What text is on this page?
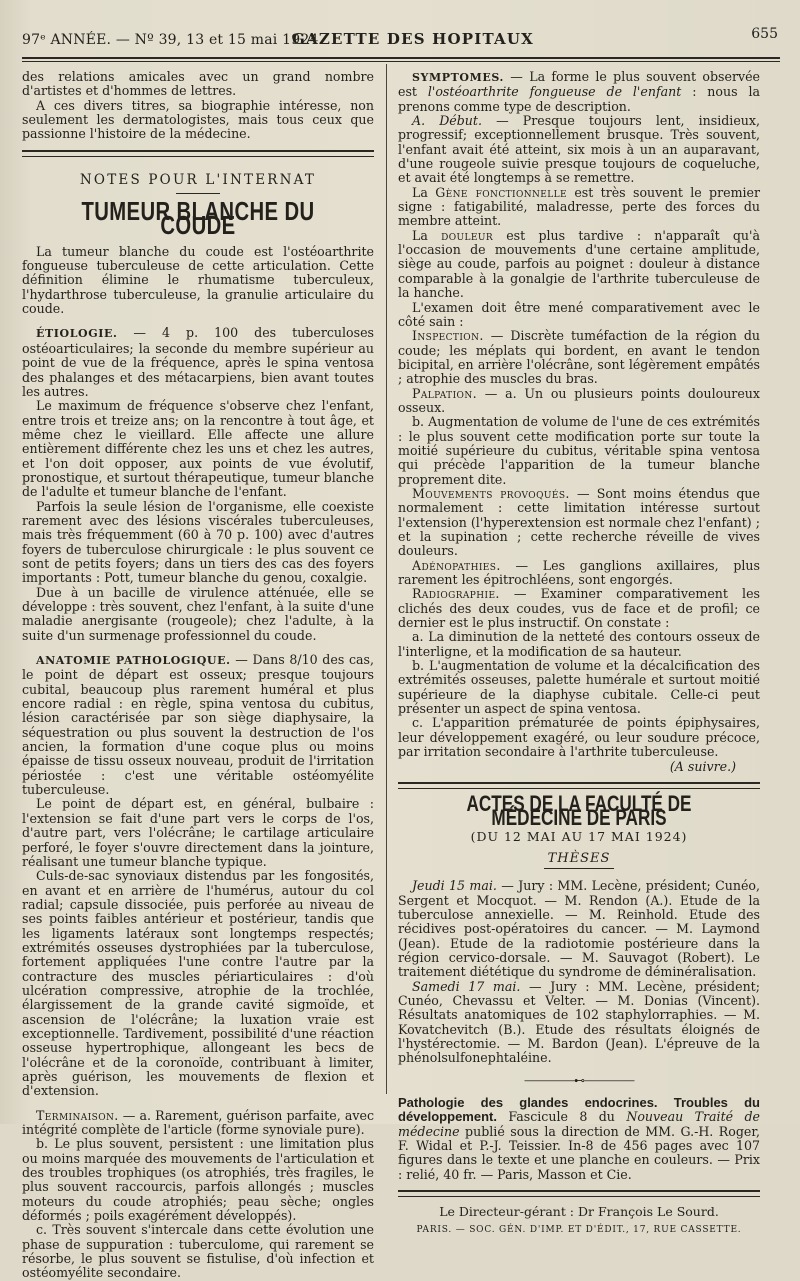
97ᵉ ANNÉE. — Nº 39, 13 et 15 mai 1924.
GAZETTE DES HOPITAUX	655

des relations amicales avec un grand nombre d'artistes et d'hommes de lettres.

A ces divers titres, sa biographie intéresse, non seulement les dermatologistes, mais tous ceux que passionne l'histoire de la médecine.

NOTES POUR L'INTERNAT
TUMEUR BLANCHE DU COUDE

La tumeur blanche du coude est l'ostéoarthrite fongueuse tuberculeuse de cette articulation. Cette définition élimine le rhumatisme tuberculeux, l'hydarthrose tuberculeuse, la granulie articulaire du coude.

ÉTIOLOGIE. — 4 p. 100 des tuberculoses ostéoarticulaires; la seconde du membre supérieur au point de vue de la fréquence, après le spina ventosa des phalanges et des métacarpiens, bien avant toutes les autres.

Le maximum de fréquence s'observe chez l'enfant, entre trois et treize ans; on la rencontre à tout âge, et même chez le vieillard. Elle affecte une allure entièrement différente chez les uns et chez les autres, et l'on doit opposer, aux points de vue évolutif, pronostique, et surtout thérapeutique, tumeur blanche de l'adulte et tumeur blanche de l'enfant.

Parfois la seule lésion de l'organisme, elle coexiste rarement avec des lésions viscérales tuberculeuses, mais très fréquemment (60 à 70 p. 100) avec d'autres foyers de tuberculose chirurgicale : le plus souvent ce sont de petits foyers; dans un tiers des cas des foyers importants : Pott, tumeur blanche du genou, coxalgie.

Due à un bacille de virulence atténuée, elle se développe : très souvent, chez l'enfant, à la suite d'une maladie anergisante (rougeole); chez l'adulte, à la suite d'un surmenage professionnel du coude.

ANATOMIE PATHOLOGIQUE. — Dans 8/10 des cas, le point de départ est osseux; presque toujours cubital, beaucoup plus rarement huméral et plus encore radial : en règle, spina ventosa du cubitus, lésion caractérisée par son siège diaphysaire, la séquestration ou plus souvent la destruction de l'os ancien, la formation d'une coque plus ou moins épaisse de tissu osseux nouveau, produit de l'irritation périostée : c'est une véritable ostéomyélite tuberculeuse.

Le point de départ est, en général, bulbaire : l'extension se fait d'une part vers le corps de l'os, d'autre part, vers l'olécrâne; le cartilage articulaire perforé, le foyer s'ouvre directement dans la jointure, réalisant une tumeur blanche typique.

Culs-de-sac synoviaux distendus par les fongosités, en avant et en arrière de l'humérus, autour du col radial; capsule dissociée, puis perforée au niveau de ses points faibles antérieur et postérieur, tandis que les ligaments latéraux sont longtemps respectés; extrémités osseuses dystrophiées par la tuberculose, fortement appliquées l'une contre l'autre par la contracture des muscles périarticulaires : d'où ulcération compressive, atrophie de la trochlée, élargissement de la grande cavité sigmoïde, et ascension de l'olécrâne; la luxation vraie est exceptionnelle. Tardivement, possibilité d'une réaction osseuse hypertrophique, allongeant les becs de l'olécrâne et de la coronoïde, contribuant à limiter, après guérison, les mouvements de flexion et d'extension.

Terminaison. — a. Rarement, guérison parfaite, avec intégrité complète de l'article (forme synoviale pure).

b. Le plus souvent, persistent : une limitation plus ou moins marquée des mouvements de l'articulation et des troubles trophiques (os atrophiés, très fragiles, le plus souvent raccourcis, parfois allongés ; muscles moteurs du coude atrophiés; peau sèche; ongles déformés ; poils exagérément développés).

c. Très souvent s'intercale dans cette évolution une phase de suppuration : tuberculome, qui rarement se résorbe, le plus souvent se fistulise, d'où infection et ostéomyélite secondaire.

SYMPTOMES. — La forme le plus souvent observée est l'ostéoarthrite fongueuse de l'enfant : nous la prenons comme type de description.

A. Début. — Presque toujours lent, insidieux, progressif; exceptionnellement brusque. Très souvent, l'enfant avait été atteint, six mois à un an auparavant, d'une rougeole suivie presque toujours de coqueluche, et avait été longtemps à se remettre.

La Gène fonctionnelle est très souvent le premier signe : fatigabilité, maladresse, perte des forces du membre atteint.

La douleur est plus tardive : n'apparaît qu'à l'occasion de mouvements d'une certaine amplitude, siège au coude, parfois au poignet : douleur à distance comparable à la gonalgie de l'arthrite tuberculeuse de la hanche.

L'examen doit être mené comparativement avec le côté sain :

Inspection. — Discrète tuméfaction de la région du coude; les méplats qui bordent, en avant le tendon bicipital, en arrière l'olécrâne, sont légèrement empâtés ; atrophie des muscles du bras.

Palpation. — a. Un ou plusieurs points douloureux osseux.

b. Augmentation de volume de l'une de ces extrémités : le plus souvent cette modification porte sur toute la moitié supérieure du cubitus, véritable spina ventosa qui précède l'apparition de la tumeur blanche proprement dite.

Mouvements provoqués. — Sont moins étendus que normalement : cette limitation intéresse surtout l'extension (l'hyperextension est normale chez l'enfant) ; et la supination ; cette recherche réveille de vives douleurs.

Adénopathies. — Les ganglions axillaires, plus rarement les épitrochléens, sont engorgés.

Radiographie. — Examiner comparativement les clichés des deux coudes, vus de face et de profil; ce dernier est le plus instructif. On constate :

a. La diminution de la netteté des contours osseux de l'interligne, et la modification de sa hauteur.

b. L'augmentation de volume et la décalcification des extrémités osseuses, palette humérale et surtout moitié supérieure de la diaphyse cubitale. Celle-ci peut présenter un aspect de spina ventosa.

c. L'apparition prématurée de points épiphysaires, leur développement exagéré, ou leur soudure précoce, par irritation secondaire à l'arthrite tuberculeuse.

(A suivre.)
ACTES DE LA FACULTÉ DE MÉDECINE DE PARIS
(DU 12 MAI AU 17 MAI 1924)
THÈSES

Jeudi 15 mai. — Jury : MM. Lecène, président; Cunéo, Sergent et Mocquot. — M. Rendon (A.). Etude de la tuberculose annexielle. — M. Reinhold. Etude des récidives post-opératoires du cancer. — M. Laymond (Jean). Etude de la radiotomie postérieure dans la région cervico-dorsale. — M. Sauvagot (Robert). Le traitement diététique du syndrome de déminéralisation.

Samedi 17 mai. — Jury : MM. Lecène, président; Cunéo, Chevassu et Velter. — M. Donias (Vincent). Résultats anatomiques de 102 staphylorraphies. — M. Kovatchevitch (B.). Etude des résultats éloignés de l'hystérectomie. — M. Bardon (Jean). L'épreuve de la phénolsulfonephtaléine.

—————⊷—————

Pathologie des glandes endocrines. Troubles du développement. Fascicule 8 du Nouveau Traité de médecine publié sous la direction de MM. G.-H. Roger, F. Widal et P.-J. Teissier. In-8 de 456 pages avec 107 figures dans le texte et une planche en couleurs. — Prix : relié, 40 fr. — Paris, Masson et Cie.

Le Directeur-gérant : Dr François Le Sourd.
PARIS. — SOC. GÉN. D'IMP. ET D'ÉDIT., 17, RUE CASSETTE.
